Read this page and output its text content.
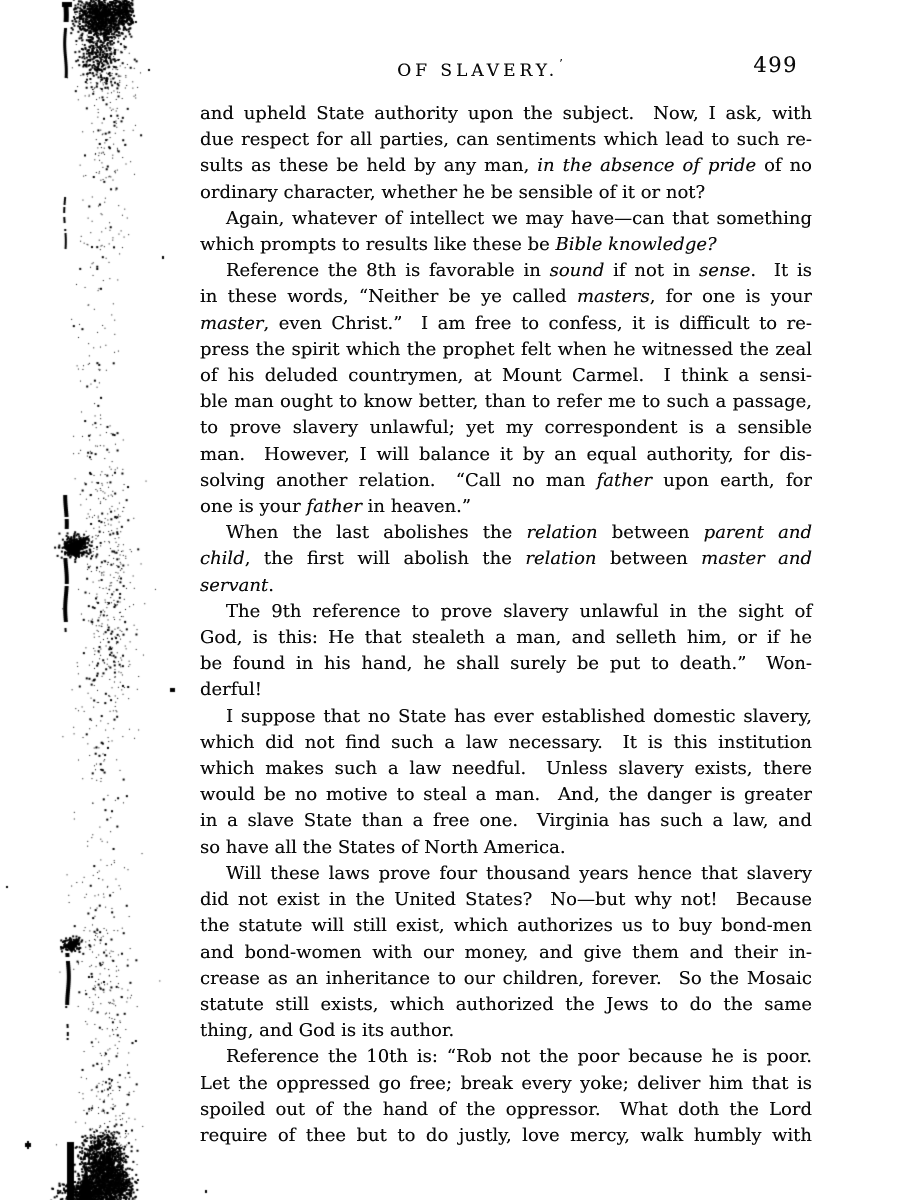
OF SLAVERY.’	499
and upheld State authority upon the subject.  Now, I ask, with
due respect for all parties, can sentiments which lead to such re-
sults as these be held by any man, in the absence of pride of no
ordinary character, whether he be sensible of it or not?
Again, whatever of intellect we may have—can that something
which prompts to results like these be Bible knowledge?
Reference the 8th is favorable in sound if not in sense.  It is
in these words, “Neither be ye called masters, for one is your
master, even Christ.”  I am free to confess, it is difficult to re-
press the spirit which the prophet felt when he witnessed the zeal
of his deluded countrymen, at Mount Carmel.  I think a sensi-
ble man ought to know better, than to refer me to such a passage,
to prove slavery unlawful; yet my correspondent is a sensible
man.  However, I will balance it by an equal authority, for dis-
solving another relation.  “Call no man father upon earth, for
one is your father in heaven.”
When the last abolishes the relation between parent and
child, the first will abolish the relation between master and
servant.
The 9th reference to prove slavery unlawful in the sight of
God, is this: He that stealeth a man, and selleth him, or if he
be found in his hand, he shall surely be put to death.”  Won-
derful!
I suppose that no State has ever established domestic slavery,
which did not find such a law necessary.  It is this institution
which makes such a law needful.  Unless slavery exists, there
would be no motive to steal a man.  And, the danger is greater
in a slave State than a free one.  Virginia has such a law, and
so have all the States of North America.
Will these laws prove four thousand years hence that slavery
did not exist in the United States?  No—but why not!  Because
the statute will still exist, which authorizes us to buy bond-men
and bond-women with our money, and give them and their in-
crease as an inheritance to our children, forever.  So the Mosaic
statute still exists, which authorized the Jews to do the same
thing, and God is its author.
Reference the 10th is: “Rob not the poor because he is poor.
Let the oppressed go free; break every yoke; deliver him that is
spoiled out of the hand of the oppressor.  What doth the Lord
require of thee but to do justly, love mercy, walk humbly with
